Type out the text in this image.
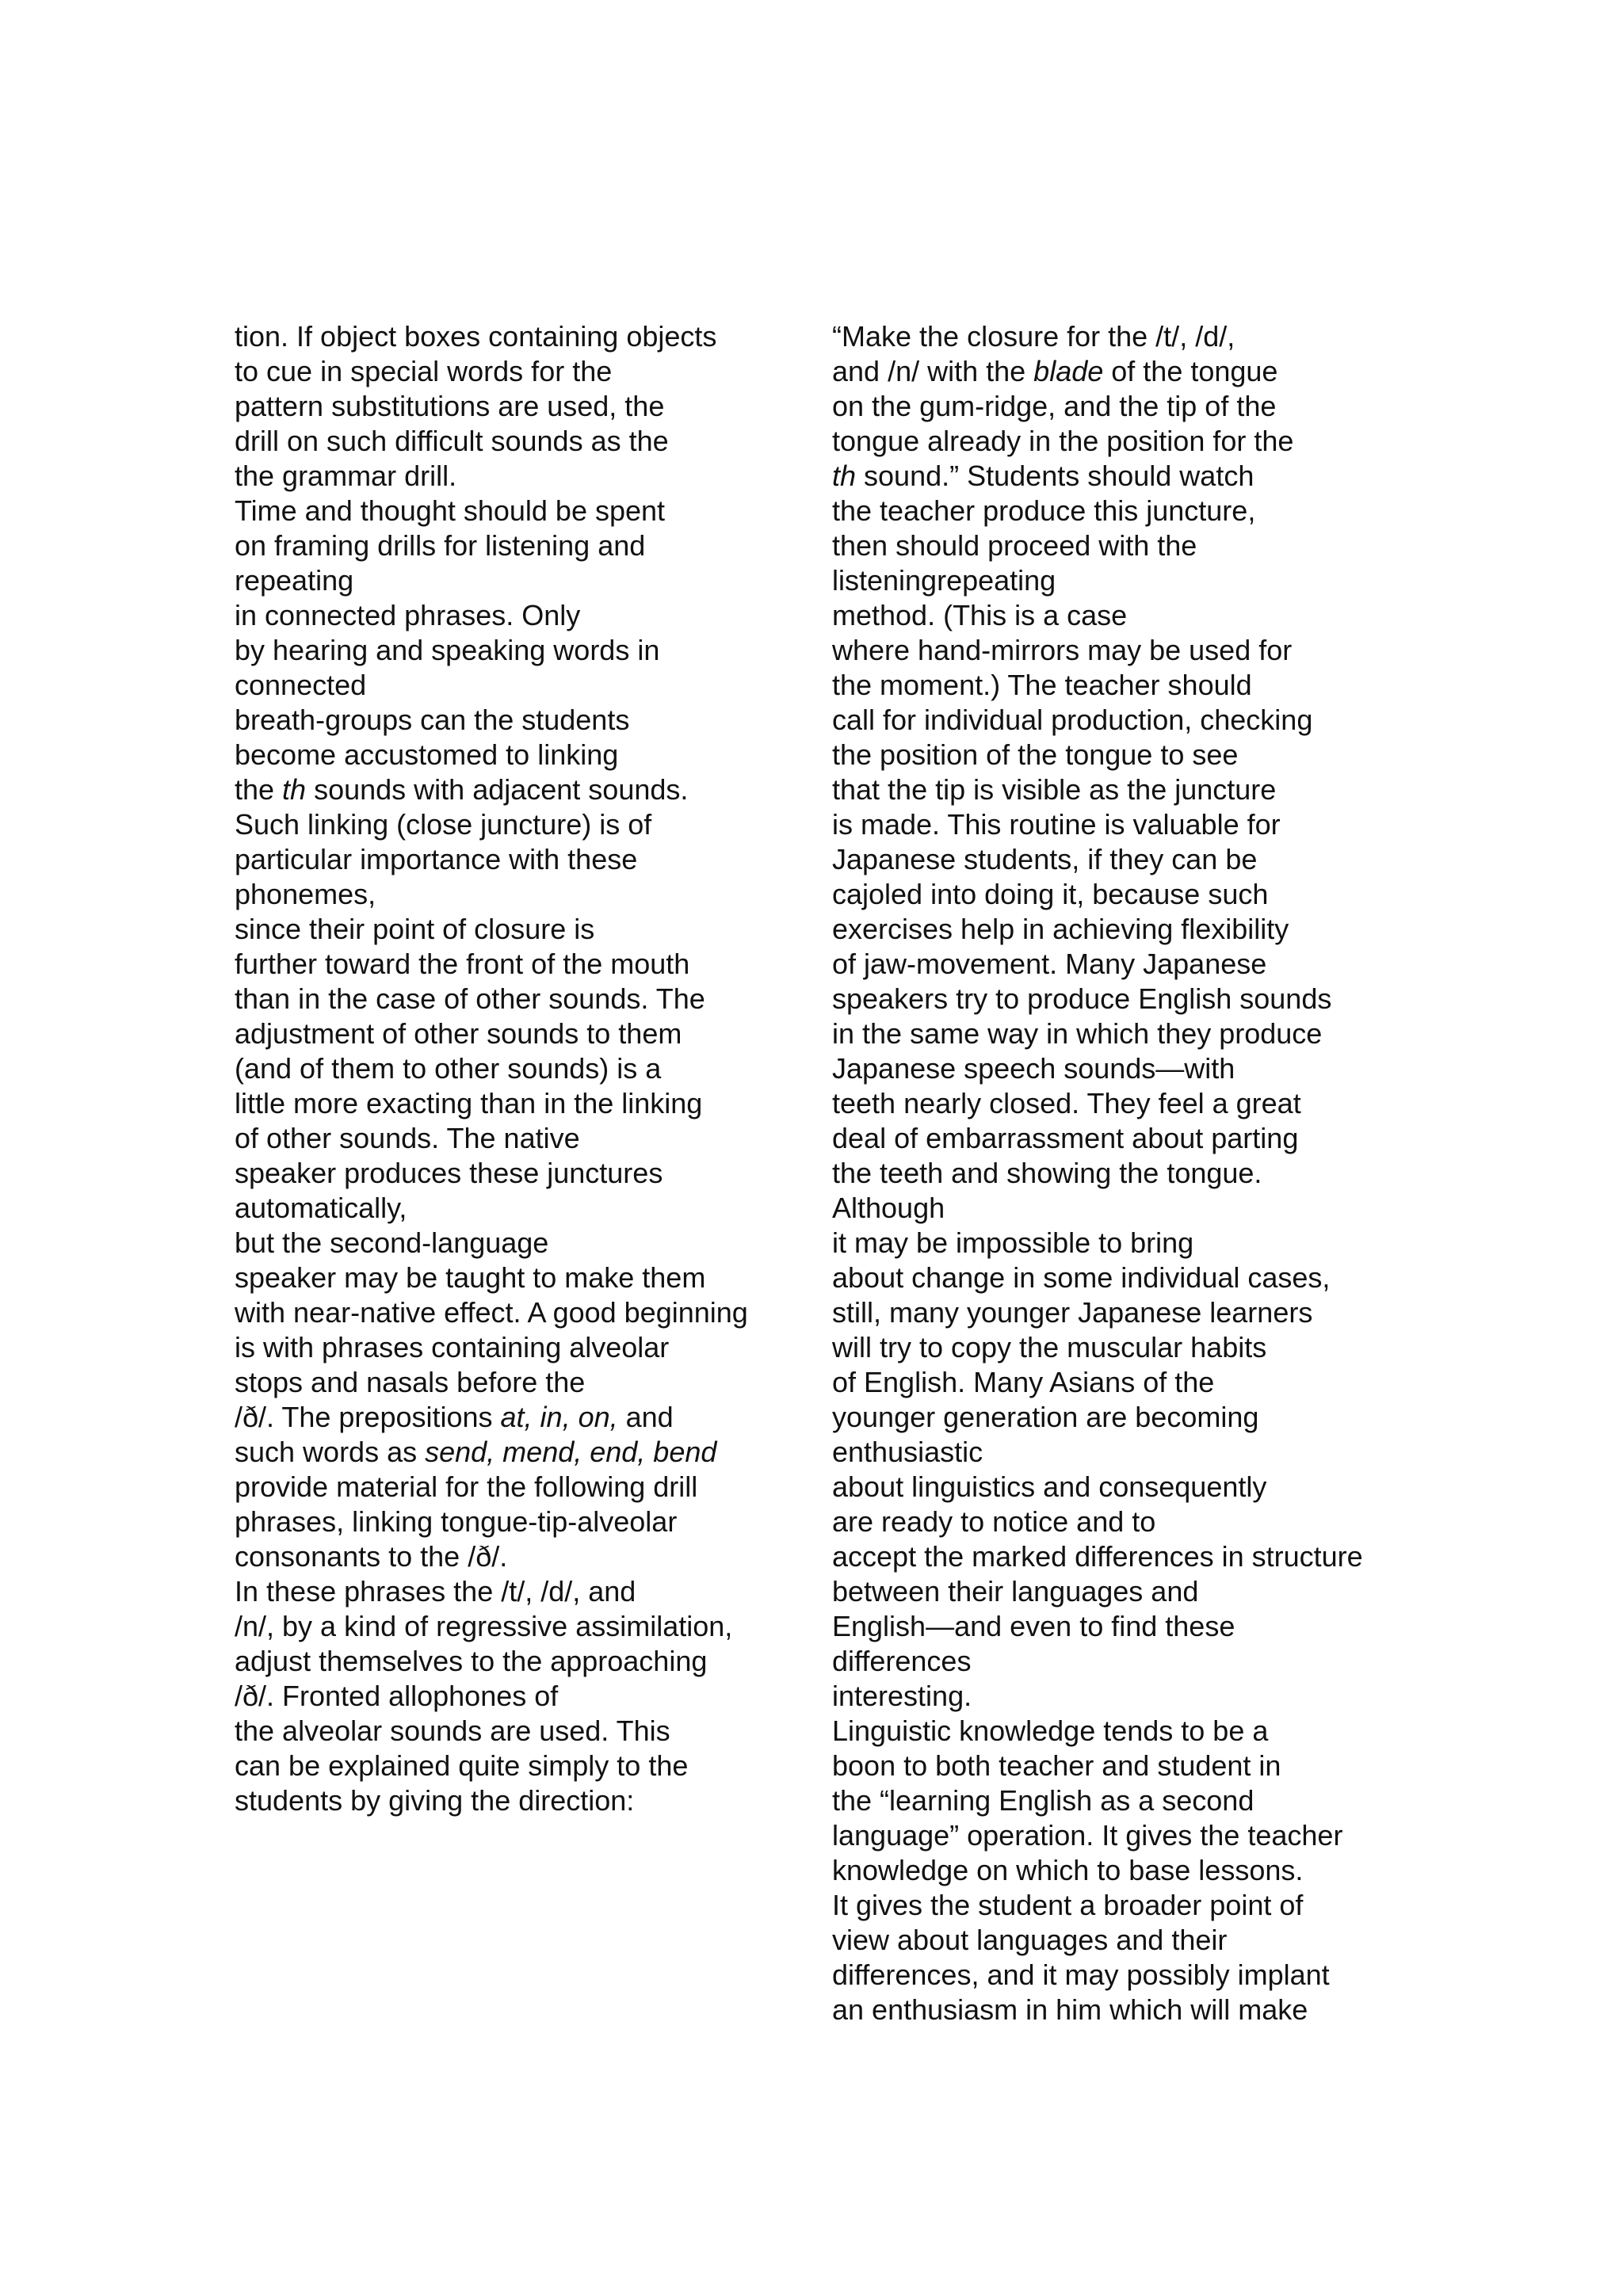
tion. If object boxes containing objects
to cue in special words for the
pattern substitutions are used, the
drill on such difficult sounds as the
the grammar drill.
Time and thought should be spent
on framing drills for listening and
repeating
in connected phrases. Only
by hearing and speaking words in
connected
breath-groups can the students
become accustomed to linking
the th sounds with adjacent sounds.
Such linking (close juncture) is of
particular importance with these
phonemes,
since their point of closure is
further toward the front of the mouth
than in the case of other sounds. The
adjustment of other sounds to them
(and of them to other sounds) is a
little more exacting than in the linking
of other sounds. The native
speaker produces these junctures
automatically,
but the second-language
speaker may be taught to make them
with near-native effect. A good beginning
is with phrases containing alveolar
stops and nasals before the
/ð/. The prepositions at, in, on, and
such words as send, mend, end, bend
provide material for the following drill
phrases, linking tongue-tip-alveolar
consonants to the /ð/.
In these phrases the /t/, /d/, and
/n/, by a kind of regressive assimilation,
adjust themselves to the approaching
/ð/. Fronted allophones of
the alveolar sounds are used. This
can be explained quite simply to the
students by giving the direction:
“Make the closure for the /t/, /d/,
and /n/ with the blade of the tongue
on the gum-ridge, and the tip of the
tongue already in the position for the
th sound.” Students should watch
the teacher produce this juncture,
then should proceed with the
listeningrepeating
method. (This is a case
where hand-mirrors may be used for
the moment.) The teacher should
call for individual production, checking
the position of the tongue to see
that the tip is visible as the juncture
is made. This routine is valuable for
Japanese students, if they can be
cajoled into doing it, because such
exercises help in achieving flexibility
of jaw-movement. Many Japanese
speakers try to produce English sounds
in the same way in which they produce
Japanese speech sounds—with
teeth nearly closed. They feel a great
deal of embarrassment about parting
the teeth and showing the tongue.
Although
it may be impossible to bring
about change in some individual cases,
still, many younger Japanese learners
will try to copy the muscular habits
of English. Many Asians of the
younger generation are becoming
enthusiastic
about linguistics and consequently
are ready to notice and to
accept the marked differences in structure
between their languages and
English—and even to find these
differences
interesting.
Linguistic knowledge tends to be a
boon to both teacher and student in
the “learning English as a second
language” operation. It gives the teacher
knowledge on which to base lessons.
It gives the student a broader point of
view about languages and their
differences, and it may possibly implant
an enthusiasm in him which will make
